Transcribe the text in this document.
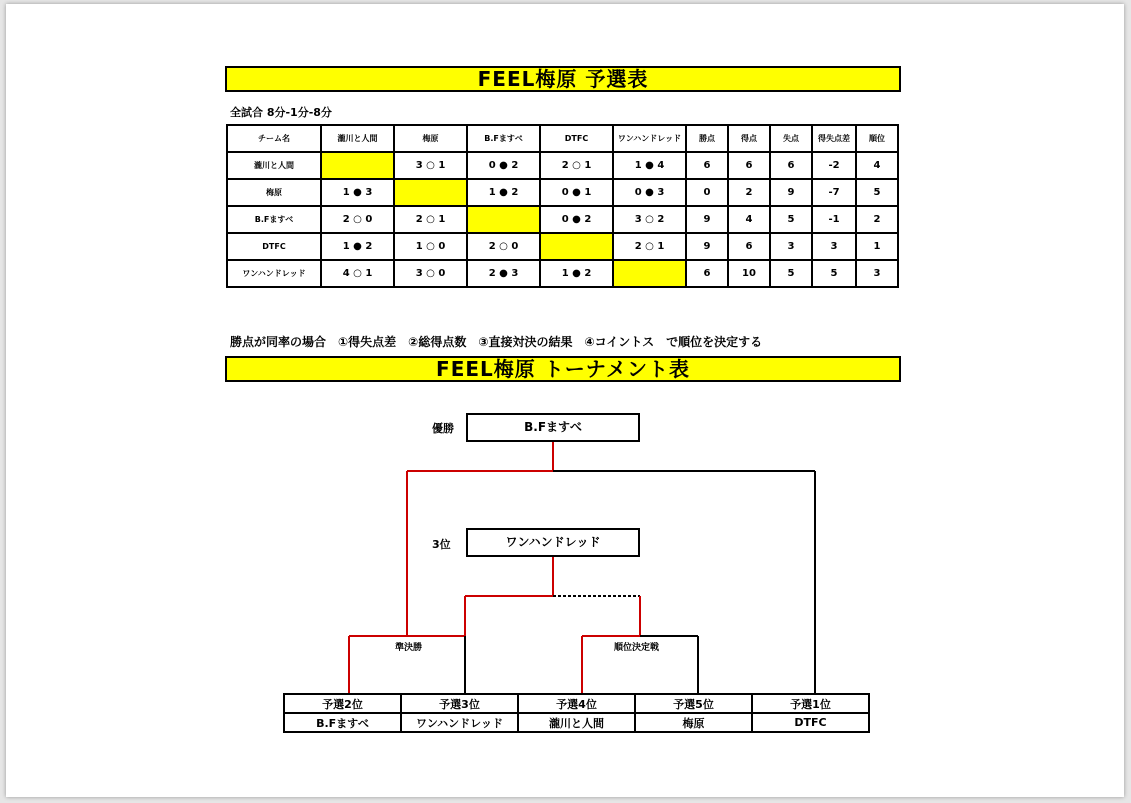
FEEL梅原 予選表
全試合 8分-1分-8分
チーム名	瀧川と人間	梅原	B.Fますべ	DTFC	ワンハンドレッド	勝点	得点	失点	得失点差	順位
瀧川と人間		3 ○ 1	0 ● 2	2 ○ 1	1 ● 4	6	6	6	-2	4
梅原	1 ● 3		1 ● 2	0 ● 1	0 ● 3	0	2	9	-7	5
B.Fますべ	2 ○ 0	2 ○ 1		0 ● 2	3 ○ 2	9	4	5	-1	2
DTFC	1 ● 2	1 ○ 0	2 ○ 0		2 ○ 1	9	6	3	3	1
ワンハンドレッド	4 ○ 1	3 ○ 0	2 ● 3	1 ● 2		6	10	5	5	3
勝点が同率の場合　①得失点差　②総得点数　③直接対決の結果　④コイントス　で順位を決定する
FEEL梅原 トーナメント表
優勝	B.Fますべ
3位	ワンハンドレッド
準決勝	順位決定戦
予選2位	予選3位	予選4位	予選5位	予選1位
B.Fますべ	ワンハンドレッド	瀧川と人間	梅原	DTFC
